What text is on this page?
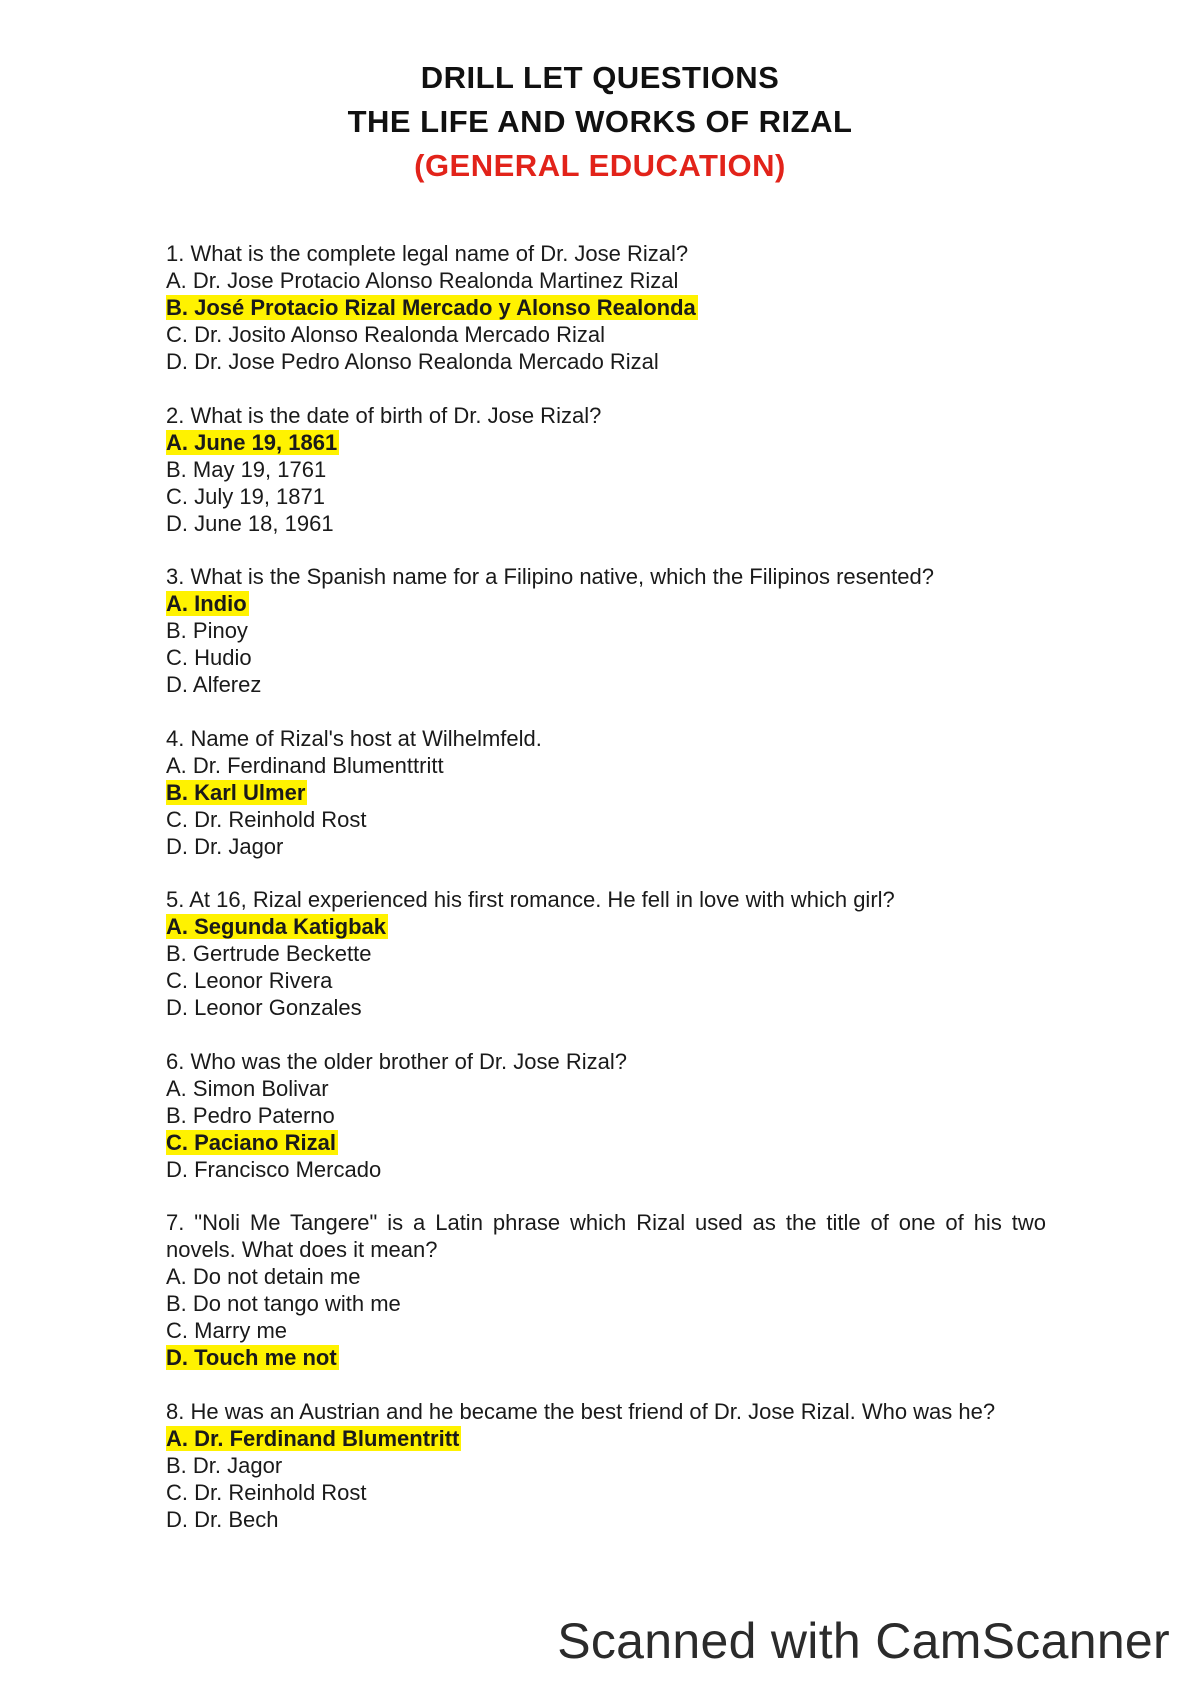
DRILL LET QUESTIONS
THE LIFE AND WORKS OF RIZAL
(GENERAL EDUCATION)
1. What is the complete legal name of Dr. Jose Rizal?
A. Dr. Jose Protacio Alonso Realonda Martinez Rizal
B. José Protacio Rizal Mercado y Alonso Realonda
C. Dr. Josito Alonso Realonda Mercado Rizal
D. Dr. Jose Pedro Alonso Realonda Mercado Rizal
2. What is the date of birth of Dr. Jose Rizal?
A. June 19, 1861
B. May 19, 1761
C. July 19, 1871
D. June 18, 1961
3. What is the Spanish name for a Filipino native, which the Filipinos resented?
A. Indio
B. Pinoy
C. Hudio
D. Alferez
4. Name of Rizal's host at Wilhelmfeld.
A. Dr. Ferdinand Blumenttritt
B. Karl Ulmer
C. Dr. Reinhold Rost
D. Dr. Jagor
5. At 16, Rizal experienced his first romance. He fell in love with which girl?
A. Segunda Katigbak
B. Gertrude Beckette
C. Leonor Rivera
D. Leonor Gonzales
6. Who was the older brother of Dr. Jose Rizal?
A. Simon Bolivar
B. Pedro Paterno
C. Paciano Rizal
D. Francisco Mercado
7. "Noli Me Tangere" is a Latin phrase which Rizal used as the title of one of his two novels. What does it mean?
A. Do not detain me
B. Do not tango with me
C. Marry me
D. Touch me not
8. He was an Austrian and he became the best friend of Dr. Jose Rizal. Who was he?
A. Dr. Ferdinand Blumentritt
B. Dr. Jagor
C. Dr. Reinhold Rost
D. Dr. Bech
Scanned with CamScanner
